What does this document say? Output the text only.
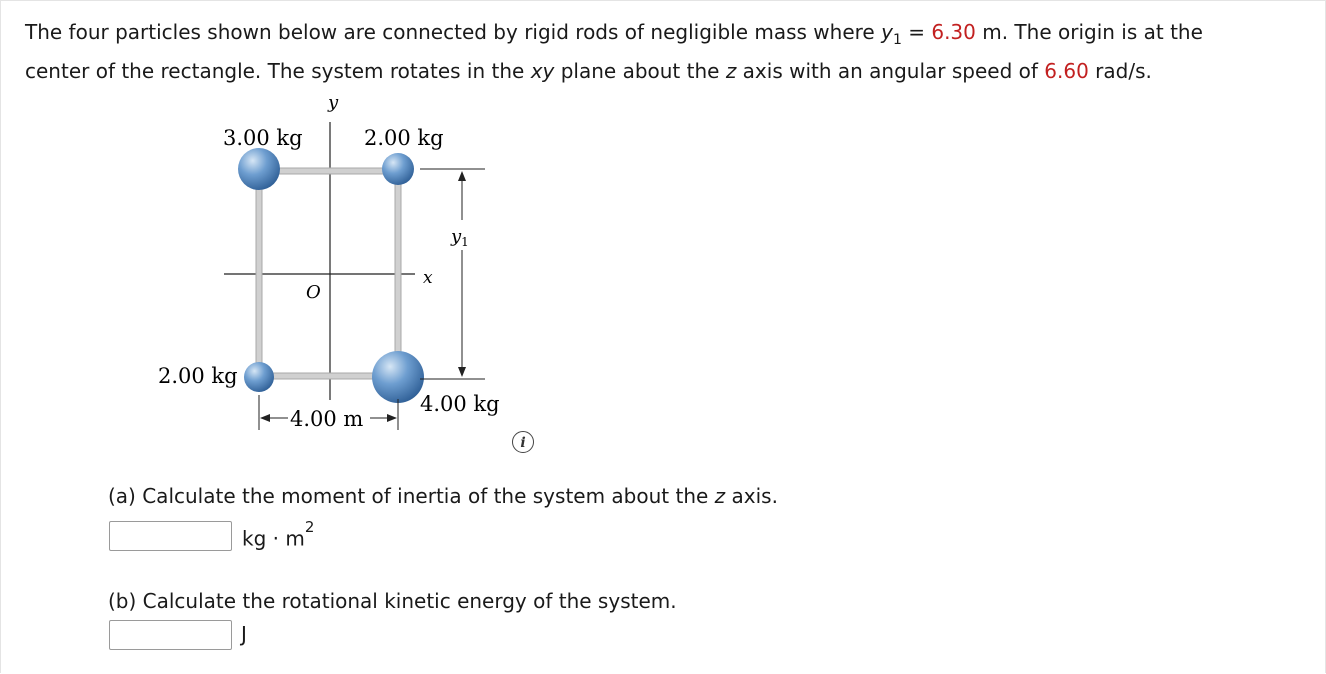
The four particles shown below are connected by rigid rods of negligible mass where $y_1 = 6.30$ m. The origin is at the
center of the rectangle. The system rotates in the xy plane about the z axis with an angular speed of 6.60 rad/s.
y
x
O
3.00 kg	2.00 kg
2.00 kg
4.00 kg
$y_1$
4.00 m
i
(a) Calculate the moment of inertia of the system about the z axis.
kg · $m^2$
(b) Calculate the rotational kinetic energy of the system.
J
